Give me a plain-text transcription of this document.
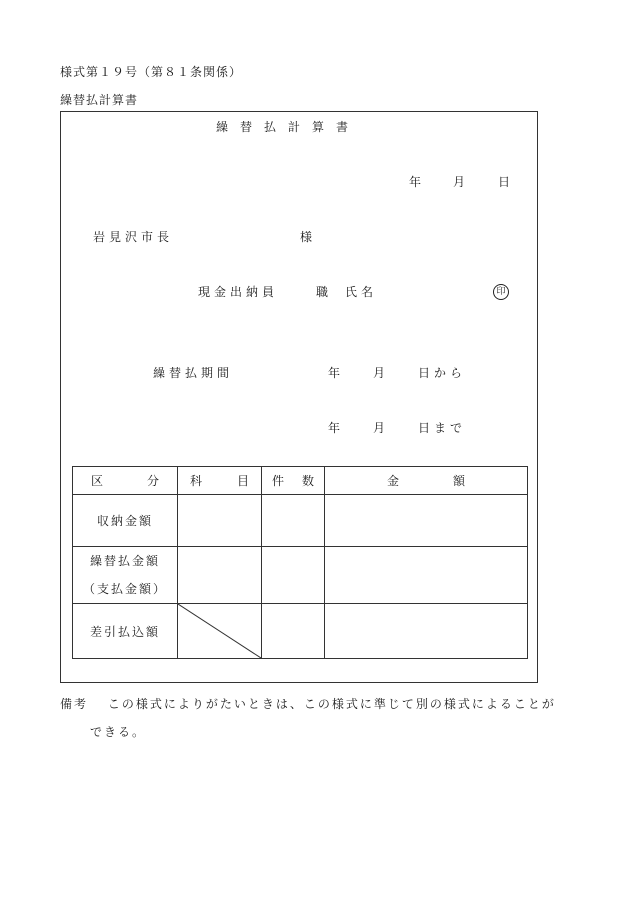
様式第１９号（第８１条関係）
繰替払計算書
繰替払計算書
年	月	日
岩見沢市長	様
現金出納員	職 氏名	印
繰替払期間	年	月	日から
年	月	日まで
区 分	科 目	件 数	金 額

収納金額			

繰替払金額
（支払金額）			

差引払込額	

備考 この様式によりがたいときは、この様式に準じて別の様式によることが
できる。
